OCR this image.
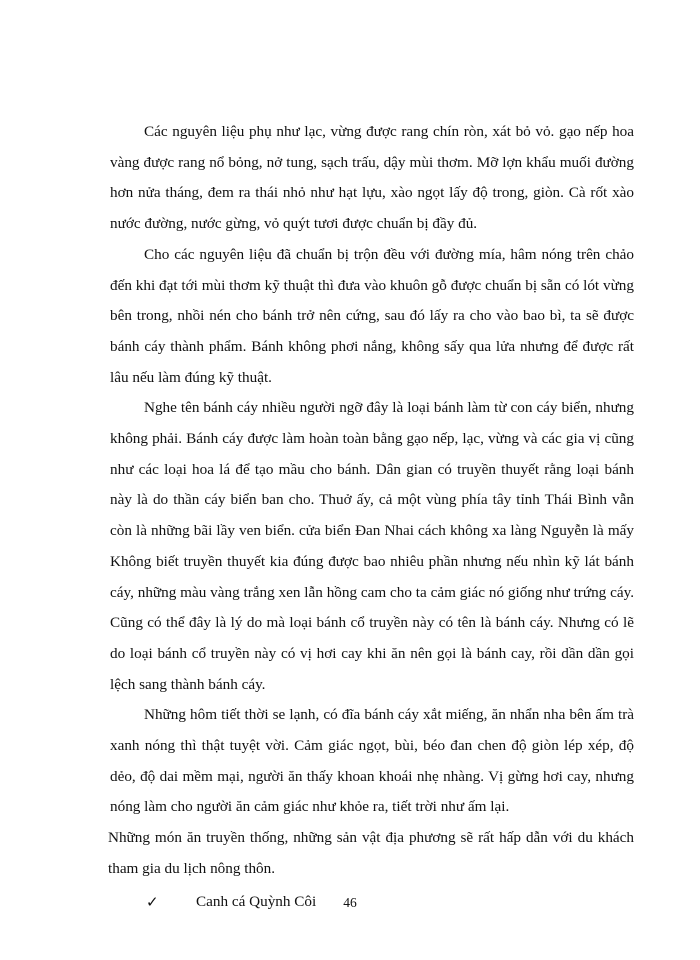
Các nguyên liệu phụ như lạc, vừng được rang chín ròn, xát bỏ vỏ. gạo nếp hoa vàng được rang nổ bỏng, nở tung, sạch trấu, dậy mùi thơm. Mỡ lợn khẩu muối đường hơn nửa tháng, đem ra thái nhỏ như hạt lựu, xào ngọt lấy độ trong, giòn. Cà rốt xào nước đường, nước gừng, vỏ quýt tươi được chuẩn bị đầy đủ.

Cho các nguyên liệu đã chuẩn bị trộn đều với đường mía, hâm nóng trên chảo đến khi đạt tới mùi thơm kỹ thuật thì đưa vào khuôn gỗ được chuẩn bị sẵn có lót vừng bên trong, nhồi nén cho bánh trở nên cứng, sau đó lấy ra cho vào bao bì, ta sẽ được bánh cáy thành phẩm. Bánh không phơi nắng, không sấy qua lửa nhưng để được rất lâu nếu làm đúng kỹ thuật.

Nghe tên bánh cáy nhiều người ngỡ đây là loại bánh làm từ con cáy biển, nhưng không phải. Bánh cáy được làm hoàn toàn bằng gạo nếp, lạc, vừng và các gia vị cũng như các loại hoa lá để tạo mầu cho bánh. Dân gian có truyền thuyết rằng loại bánh này là do thần cáy biển ban cho. Thuở ấy, cả một vùng phía tây tỉnh Thái Bình vẫn còn là những bãi lầy ven biển. cửa biển Đan Nhai cách không xa làng Nguyễn là mấy Không biết truyền thuyết kia đúng được bao nhiêu phần nhưng nếu nhìn kỹ lát bánh cáy, những màu vàng trắng xen lẫn hồng cam cho ta cảm giác nó giống như trứng cáy. Cũng có thể đây là lý do mà loại bánh cổ truyền này có tên là bánh cáy. Nhưng có lẽ do loại bánh cổ truyền này có vị hơi cay khi ăn nên gọi là bánh cay, rồi dần dần gọi lệch sang thành bánh cáy.

Những hôm tiết thời se lạnh, có đĩa bánh cáy xắt miếng, ăn nhẩn nha bên ấm trà xanh nóng thì thật tuyệt vời. Cảm giác ngọt, bùi, béo đan chen độ giòn lép xép, độ dẻo, độ dai mềm mại, người ăn thấy khoan khoái nhẹ nhàng. Vị gừng hơi cay, nhưng nóng làm cho người ăn cảm giác như khỏe ra, tiết trời như ấm lại.

Những món ăn truyền thống, những sản vật địa phương sẽ rất hấp dẫn với du khách tham gia du lịch nông thôn.

✓	Canh cá Quỳnh Côi	46
